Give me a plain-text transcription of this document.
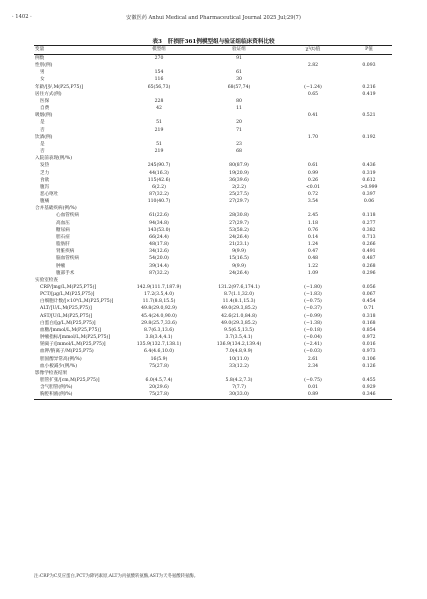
· 1402 ·	安徽医药 Anhui Medical and Pharmaceutical Journal 2025 Jul;29(7)
表3 肝损肝361例模型组与验证组临床资料比较
变量	模型组	验证组	χ²(t)值	P值
例数	270	91		
性别(例)			2.82	0.093
男	154	61		
女	116	30		
年龄/[岁,M(P25,P75)]	65(56,73)	68(57,74)	(−1.24)	0.216
居住方式(例)			0.65	0.419
医保	228	80		
自费	42	11		
吸烟(例)			0.41	0.521
是	51	20		
否	219	71		
饮酒(例)			1.70	0.192
是	51	23		
否	219	68		
入院前表现(例/%)				
发热	245(90.7)	80(87.9)	0.61	0.436
乏力	44(16.3)	19(20.9)	0.99	0.319
食欲	115(42.6)	36(39.6)	0.26	0.612
腹泻	6(2.2)	2(2.2)	<0.01	>0.999
恶心呕吐	87(32.2)	25(27.5)	0.72	0.397
腹痛	110(40.7)	27(29.7)	3.54	0.06
合并基础疾病(例/%)				
心血管疾病	61(22.6)	28(30.8)	2.45	0.118
高血压	94(34.8)	27(29.7)	1.18	0.277
糖尿病	143(53.0)	53(58.2)	0.76	0.382
胆石症	66(24.4)	24(26.4)	0.14	0.713
脂肪肝	48(17.8)	21(23.1)	1.24	0.266
肾脏疾病	34(12.6)	9(9.9)	0.47	0.491
脑血管疾病	54(20.0)	15(16.5)	0.48	0.487
肿瘤	39(14.4)	9(9.9)	1.22	0.268
腹部手术	87(32.2)	24(26.4)	1.09	0.296
实验室检查				
CRP/[mg/L,M(P25,P75)]	142.9(111.7,187.9)	131.2(97.6,174.1)	(−1.80)	0.056
PCT/[μg/L,M(P25,P75)]	17.2(3.5,4.0)	8.7(1.1,32.0)	(−1.83)	0.067
白细胞计数/[×10⁹/L,M(P25,P75)]	11.7(8.8,15.5)	11.4(8.1,15.3)	(−0.75)	0.454
ALT/[U/L,M(P25,P75)]	49.8(29.0,92.9)	49.0(29.3,85.2)	(−0.37)	0.71
AST/[U/L,M(P25,P75)]	45.4(24.0,90.0)	42.6(21.0,84.8)	(−0.99)	0.318
白蛋白/[g/L,M(P25,P75)]	29.8(25.7,33.6)	49.0(29.3,85.2)	(−1.38)	0.168
血糖/[mmol/L,M(P25,P75)]	8.7(6.3,13.6)	9.5(6.5,13.5)	(−0.18)	0.854
肿瘤指标/[mmol/L,M(P25,P75)]	3.8(3.4,4.1)	3.7(3.5,4.1)	(−0.04)	0.972
钠离子/[mmol/L,M(P25,P75)]	135.9(132.7,138.1)	136.9(134.2,139.4)	(−2.41)	0.016
血钾/钠离子/M(P25,P75)	6.4(4.6,10.0)	7.0(4.8,9.9)	(−0.03)	0.973
胆固醇异常高(例/%)	16(5.9)	10(11.0)	2.61	0.106
血小板减少(例/%)	75(27.8)	33(12.2)	2.34	0.126
影像学检查结果				
胆管扩张/[cm,M(P25,P75)]	6.0(4.5,7.4)	5.8(4.2,7.3)	(−0.75)	0.455
含气胆管(例/%)	20(29.6)	7(7.7)	0.01	0.929
胸腔积液(例/%)	75(27.8)	30(33.0)	0.89	0.346
注:CRP为C反应蛋白,PCT为降钙素原,ALT为丙氨酸转氨酶,AST为天冬氨酸转氨酶。
